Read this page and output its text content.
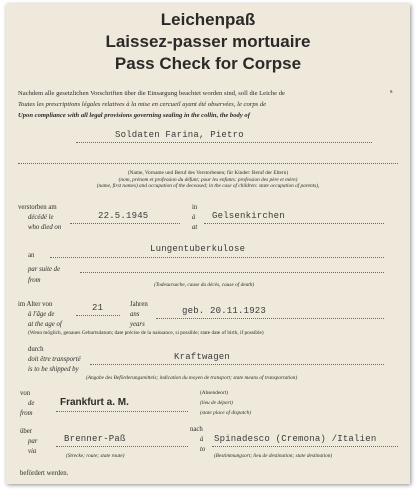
Leichenpaß
Laissez-passer mortuaire
Pass Check for Corpse
Nachdem alle gesetzlichen Vorschriften über die Einsargung beachtet worden sind, soll die Leiche de	s
Toutes les prescriptions légales relatives à la mise en cercueil ayant été observées, le corps de
Upon compliance with all legal provisions governing sealing in the collin, the body of
Soldaten Farina, Pietro
(Name, Vorname und Beruf des Verstorbenen; für Kinder: Beruf der Eltern)
(nom, prénom et profession du défunt; pour les enfants: profession des père et mère)
(name, first names) and occupation of the deceased; in the case of children: state occupation of parents),
verstorben am
décédé le
who died on
22.5.1945
in
à
at
Gelsenkirchen
Lungentuberkulose
an
par suite de
from
(Todesursache, cause du décès, cause of death)
im Alter von
à l'âge de
at the age of
21	Jahren
ans
years
geb. 20.11.1923
(Wenn möglich, genaues Geburtsdatum; date précise de la naissance, si possible; state date of birth, if possible)
durch
doit être transporté
is to be shipped by
Kraftwagen
(Angabe des Beförderungsmittels; indication du moyen de transport; state means of transportation)
von
de
from
Frankfurt a. M.
(Absendeort)
(lieu de départ)
(state place of dispatch)
über
par
via
Brenner-Paß
(Strecke; route; state route)
nach
à
to
Spinadesco (Cremona) /Italien
(Bestimmungsort; lieu de destination; state destination)
befördert werden.
